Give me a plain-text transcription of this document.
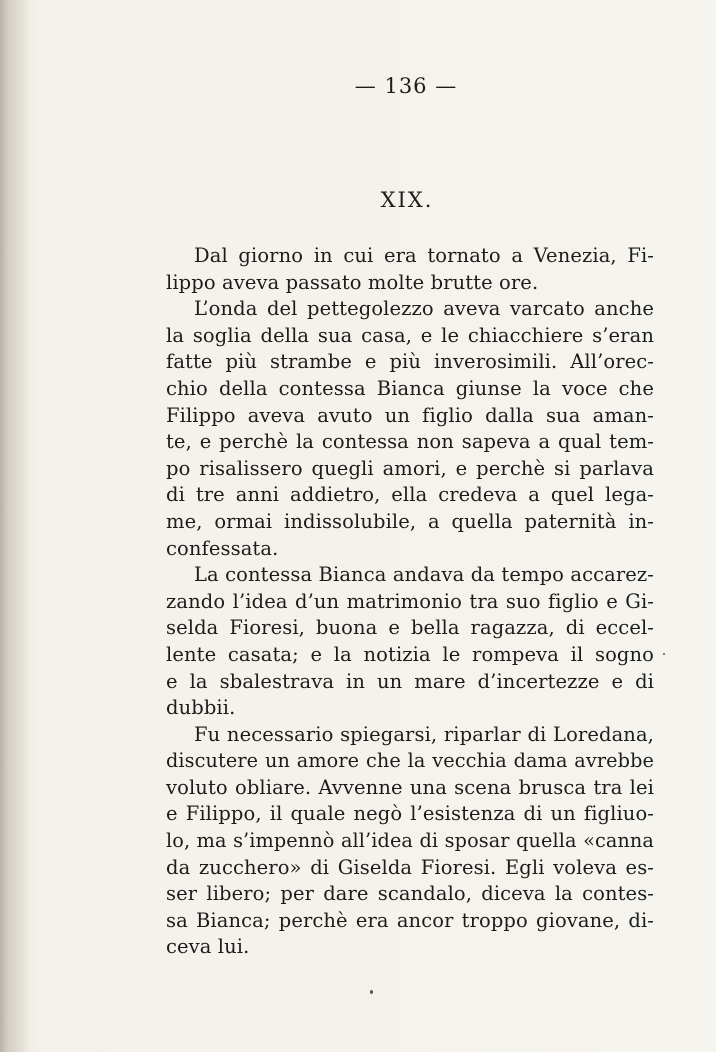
— 136 —
XIX.
Dal giorno in cui era tornato a Venezia, Fi-
lippo aveva passato molte brutte ore.
L’onda del pettegolezzo aveva varcato anche
la soglia della sua casa, e le chiacchiere s’eran
fatte più strambe e più inverosimili. All’orec-
chio della contessa Bianca giunse la voce che
Filippo aveva avuto un figlio dalla sua aman-
te, e perchè la contessa non sapeva a qual tem-
po risalissero quegli amori, e perchè si parlava
di tre anni addietro, ella credeva a quel lega-
me, ormai indissolubile, a quella paternità in-
confessata.
La contessa Bianca andava da tempo accarez-
zando l’idea d’un matrimonio tra suo figlio e Gi-
selda Fioresi, buona e bella ragazza, di eccel-
lente casata; e la notizia le rompeva il sogno
e la sbalestrava in un mare d’incertezze e di
dubbii.
Fu necessario spiegarsi, riparlar di Loredana,
discutere un amore che la vecchia dama avrebbe
voluto obliare. Avvenne una scena brusca tra lei
e Filippo, il quale negò l’esistenza di un figliuo-
lo, ma s’impennò all’idea di sposar quella «canna
da zucchero» di Giselda Fioresi. Egli voleva es-
ser libero; per dare scandalo, diceva la contes-
sa Bianca; perchè era ancor troppo giovane, di-
ceva lui.
